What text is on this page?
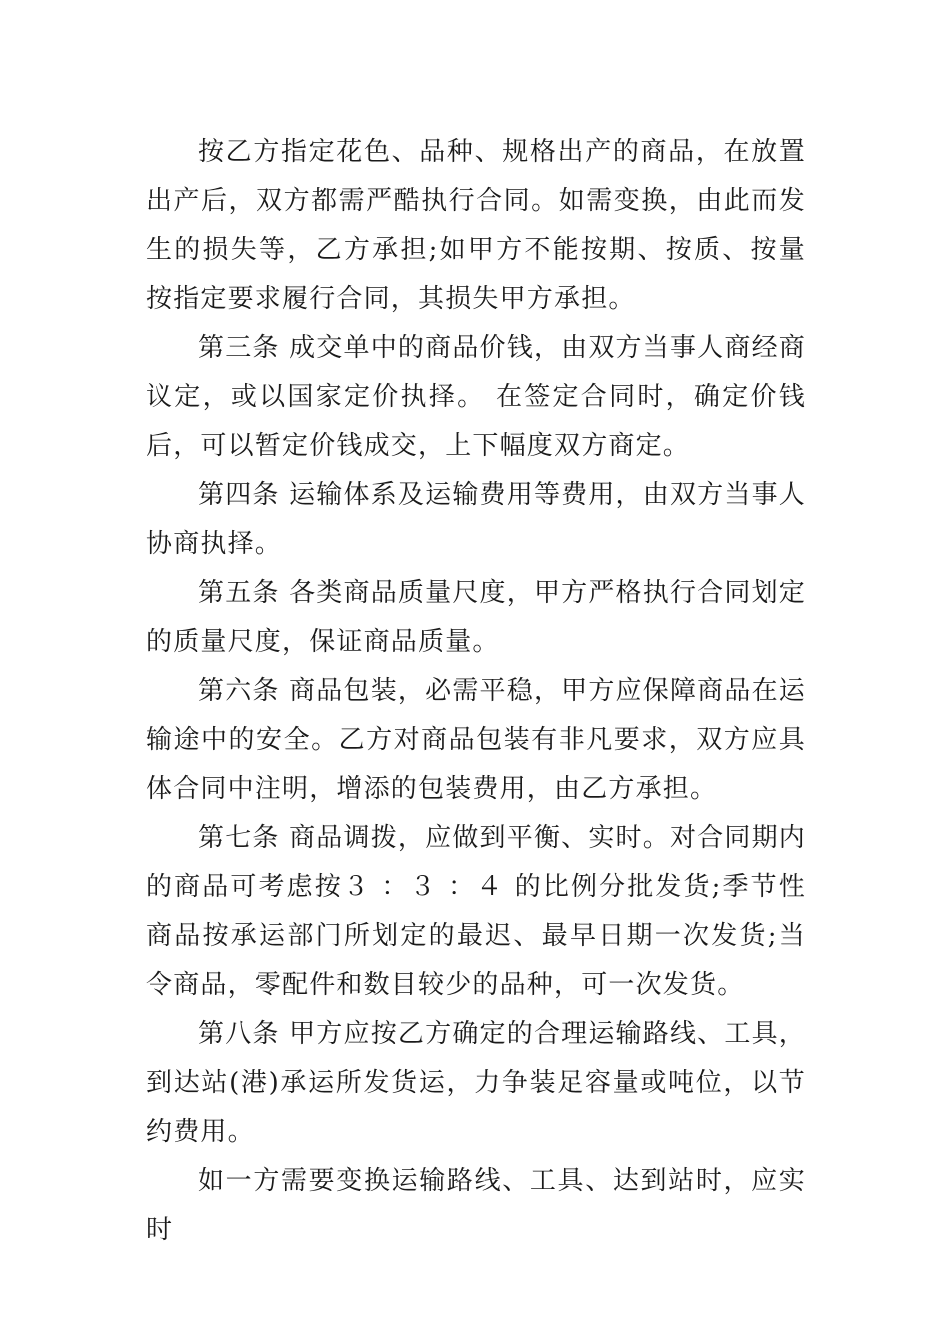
按乙方指定花色、品种、规格出产的商品，在放置出产后，双方都需严酷执行合同。如需变换，由此而发生的损失等，乙方承担;如甲方不能按期、按质、按量按指定要求履行合同，其损失甲方承担。

第三条 成交单中的商品价钱，由双方当事人商经商议定，或以国家定价执择。 在签定合同时，确定价钱后，可以暂定价钱成交，上下幅度双方商定。

第四条 运输体系及运输费用等费用，由双方当事人协商执择。

第五条 各类商品质量尺度，甲方严格执行合同划定的质量尺度，保证商品质量。

第六条 商品包装，必需平稳，甲方应保障商品在运输途中的安全。乙方对商品包装有非凡要求，双方应具体合同中注明，增添的包装费用，由乙方承担。

第七条 商品调拨，应做到平衡、实时。对合同期内的商品可考虑按３ ：３ ：４ 的比例分批发货;季节性商品按承运部门所划定的最迟、最早日期一次发货;当令商品，零配件和数目较少的品种，可一次发货。

第八条 甲方应按乙方确定的合理运输路线、工具，到达站(港)承运所发货运，力争装足容量或吨位，以节约费用。

如一方需要变换运输路线、工具、达到站时，应实时
